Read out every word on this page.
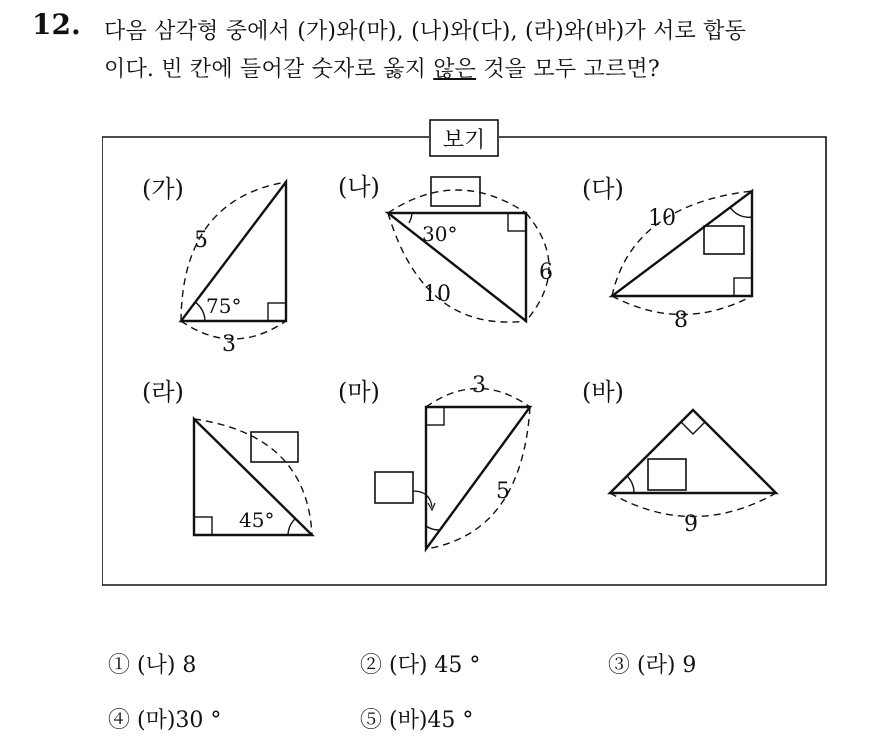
12. 다음 삼각형 중에서 (가)와(마), (나)와(다), (라)와(바)가 서로 합동
이다. 빈 칸에 들어갈 숫자로 옳지 않은 것을 모두 고르면?
보기
(가)
5
75°
3
(나)
30°
10
6
(다)
10
8
(라)
45°
(마)	3
5
(바)
9
① (나) 8	② (다) 45 °	③ (라) 9
④ (마)30 °	⑤ (바)45 °
